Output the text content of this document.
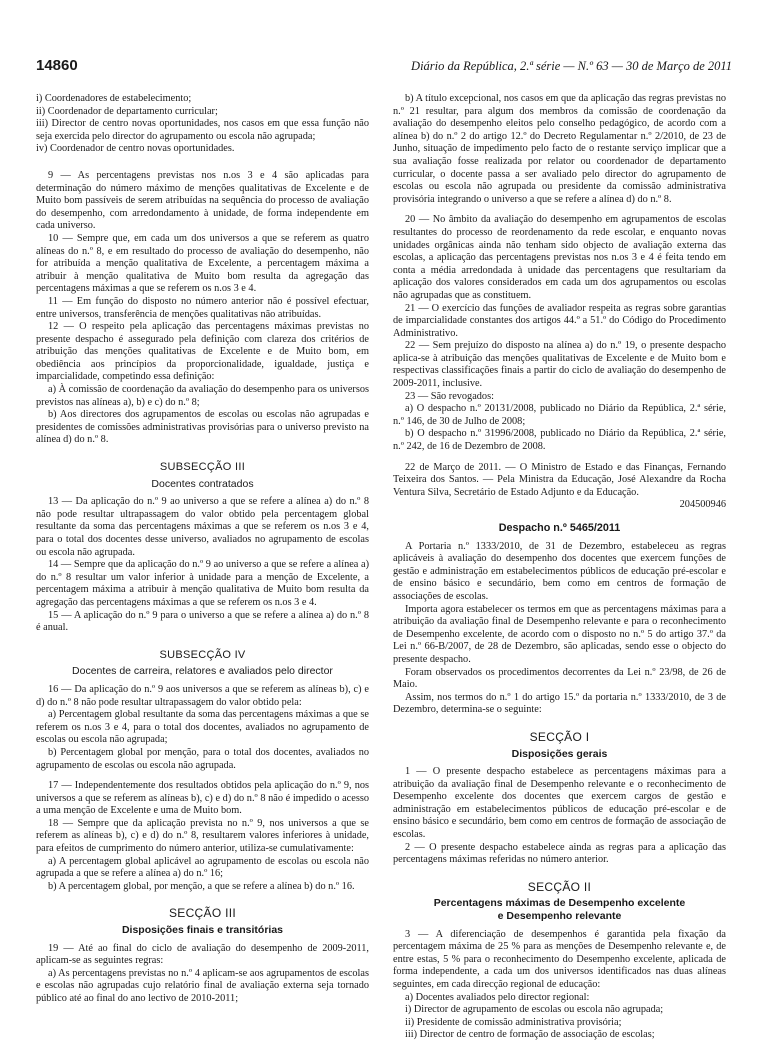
14860	Diário da República, 2.ª série — N.º 63 — 30 de Março de 2011

i) Coordenadores de estabelecimento;

ii) Coordenador de departamento curricular;

iii) Director de centro novas oportunidades, nos casos em que essa função não seja exercida pelo director do agrupamento ou escola não agrupada;

iv) Coordenador de centro novas oportunidades.

9 — As percentagens previstas nos n.os 3 e 4 são aplicadas para determinação do número máximo de menções qualitativas de Excelente e de Muito bom passíveis de serem atribuídas na sequência do processo de avaliação do desempenho, com arredondamento à unidade, de forma independente em cada universo.

10 — Sempre que, em cada um dos universos a que se referem as quatro alíneas do n.º 8, e em resultado do processo de avaliação do desempenho, não for atribuída a menção qualitativa de Excelente, a percentagem máxima a atribuir à menção qualitativa de Muito bom resulta da agregação das percentagens máximas a que se referem os n.os 3 e 4.

11 — Em função do disposto no número anterior não é possível efectuar, entre universos, transferência de menções qualitativas não atribuídas.

12 — O respeito pela aplicação das percentagens máximas previstas no presente despacho é assegurado pela definição com clareza dos critérios de atribuição das menções qualitativas de Excelente e de Muito bom, em obediência aos princípios da proporcionalidade, igualdade, justiça e imparcialidade, competindo essa definição:

a) À comissão de coordenação da avaliação do desempenho para os universos previstos nas alíneas a), b) e c) do n.º 8;

b) Aos directores dos agrupamentos de escolas ou escolas não agrupadas e presidentes de comissões administrativas provisórias para o universo previsto na alínea d) do n.º 8.

SUBSECÇÃO III
Docentes contratados

13 — Da aplicação do n.º 9 ao universo a que se refere a alínea a) do n.º 8 não pode resultar ultrapassagem do valor obtido pela percentagem global resultante da soma das percentagens máximas a que se referem os n.os 3 e 4, para o total dos docentes desse universo, avaliados no agrupamento de escolas ou escola não agrupada.

14 — Sempre que da aplicação do n.º 9 ao universo a que se refere a alínea a) do n.º 8 resultar um valor inferior à unidade para a menção de Excelente, a percentagem máxima a atribuir à menção qualitativa de Muito bom resulta da agregação das percentagens máximas a que se referem os n.os 3 e 4.

15 — A aplicação do n.º 9 para o universo a que se refere a alínea a) do n.º 8 é anual.

SUBSECÇÃO IV
Docentes de carreira, relatores e avaliados pelo director

16 — Da aplicação do n.º 9 aos universos a que se referem as alíneas b), c) e d) do n.º 8 não pode resultar ultrapassagem do valor obtido pela:

a) Percentagem global resultante da soma das percentagens máximas a que se referem os n.os 3 e 4, para o total dos docentes, avaliados no agrupamento de escolas ou escola não agrupada;

b) Percentagem global por menção, para o total dos docentes, avaliados no agrupamento de escolas ou escola não agrupada.

17 — Independentemente dos resultados obtidos pela aplicação do n.º 9, nos universos a que se referem as alíneas b), c) e d) do n.º 8 não é impedido o acesso a uma menção de Excelente e uma de Muito bom.

18 — Sempre que da aplicação prevista no n.º 9, nos universos a que se referem as alíneas b), c) e d) do n.º 8, resultarem valores inferiores à unidade, para efeitos de cumprimento do número anterior, utiliza-se cumulativamente:

a) A percentagem global aplicável ao agrupamento de escolas ou escola não agrupada a que se refere a alínea a) do n.º 16;

b) A percentagem global, por menção, a que se refere a alínea b) do n.º 16.

SECÇÃO III
Disposições finais e transitórias

19 — Até ao final do ciclo de avaliação do desempenho de 2009-2011, aplicam-se as seguintes regras:

a) As percentagens previstas no n.º 4 aplicam-se aos agrupamentos de escolas e escolas não agrupadas cujo relatório final de avaliação externa seja tornado público até ao final do ano lectivo de 2010-2011;

b) A título excepcional, nos casos em que da aplicação das regras previstas no n.º 21 resultar, para algum dos membros da comissão de coordenação da avaliação do desempenho eleitos pelo conselho pedagógico, de acordo com a alínea b) do n.º 2 do artigo 12.º do Decreto Regulamentar n.º 2/2010, de 23 de Junho, situação de impedimento pelo facto de o restante serviço implicar que a sua avaliação fosse realizada por relator ou coordenador de departamento curricular, o docente passa a ser avaliado pelo director do agrupamento de escolas ou escola não agrupada ou presidente da comissão administrativa provisória integrando o universo a que se refere a alínea d) do n.º 8.

20 — No âmbito da avaliação do desempenho em agrupamentos de escolas resultantes do processo de reordenamento da rede escolar, e enquanto novas unidades orgânicas ainda não tenham sido objecto de avaliação externa das escolas, a aplicação das percentagens previstas nos n.os 3 e 4 é feita tendo em conta a média arredondada à unidade das percentagens que resultariam da aplicação dos valores considerados em cada um dos agrupamentos ou escolas não agrupadas que as constituem.

21 — O exercício das funções de avaliador respeita as regras sobre garantias de imparcialidade constantes dos artigos 44.º a 51.º do Código do Procedimento Administrativo.

22 — Sem prejuízo do disposto na alínea a) do n.º 19, o presente despacho aplica-se à atribuição das menções qualitativas de Excelente e de Muito bom e respectivas classificações finais a partir do ciclo de avaliação do desempenho de 2009-2011, inclusive.

23 — São revogados:

a) O despacho n.º 20131/2008, publicado no Diário da República, 2.ª série, n.º 146, de 30 de Julho de 2008;

b) O despacho n.º 31996/2008, publicado no Diário da República, 2.ª série, n.º 242, de 16 de Dezembro de 2008.

22 de Março de 2011. — O Ministro de Estado e das Finanças, Fernando Teixeira dos Santos. — Pela Ministra da Educação, José Alexandre da Rocha Ventura Silva, Secretário de Estado Adjunto e da Educação.

204500946

Despacho n.º 5465/2011

A Portaria n.º 1333/2010, de 31 de Dezembro, estabeleceu as regras aplicáveis à avaliação do desempenho dos docentes que exercem funções de gestão e administração em estabelecimentos públicos de educação pré-escolar e de ensino básico e secundário, bem como em centros de formação de associações de escolas.

Importa agora estabelecer os termos em que as percentagens máximas para a atribuição da avaliação final de Desempenho relevante e para o reconhecimento de Desempenho excelente, de acordo com o disposto no n.º 5 do artigo 37.º da Lei n.º 66-B/2007, de 28 de Dezembro, são aplicadas, sendo esse o objecto do presente despacho.

Foram observados os procedimentos decorrentes da Lei n.º 23/98, de 26 de Maio.

Assim, nos termos do n.º 1 do artigo 15.º da portaria n.º 1333/2010, de 3 de Dezembro, determina-se o seguinte:

SECÇÃO I
Disposições gerais

1 — O presente despacho estabelece as percentagens máximas para a atribuição da avaliação final de Desempenho relevante e o reconhecimento de Desempenho excelente dos docentes que exercem cargos de gestão e administração em estabelecimentos públicos de educação pré-escolar e de ensino básico e secundário, bem como em centros de formação de associação de escolas.

2 — O presente despacho estabelece ainda as regras para a aplicação das percentagens máximas referidas no número anterior.

SECÇÃO II
Percentagens máximas de Desempenho excelente
e Desempenho relevante

3 — A diferenciação de desempenhos é garantida pela fixação da percentagem máxima de 25 % para as menções de Desempenho relevante e, de entre estas, 5 % para o reconhecimento do Desempenho excelente, aplicada de forma independente, a cada um dos universos identificados nas duas alíneas seguintes, em cada direcção regional de educação:

a) Docentes avaliados pelo director regional:

i) Director de agrupamento de escolas ou escola não agrupada;

ii) Presidente de comissão administrativa provisória;

iii) Director de centro de formação de associação de escolas;
